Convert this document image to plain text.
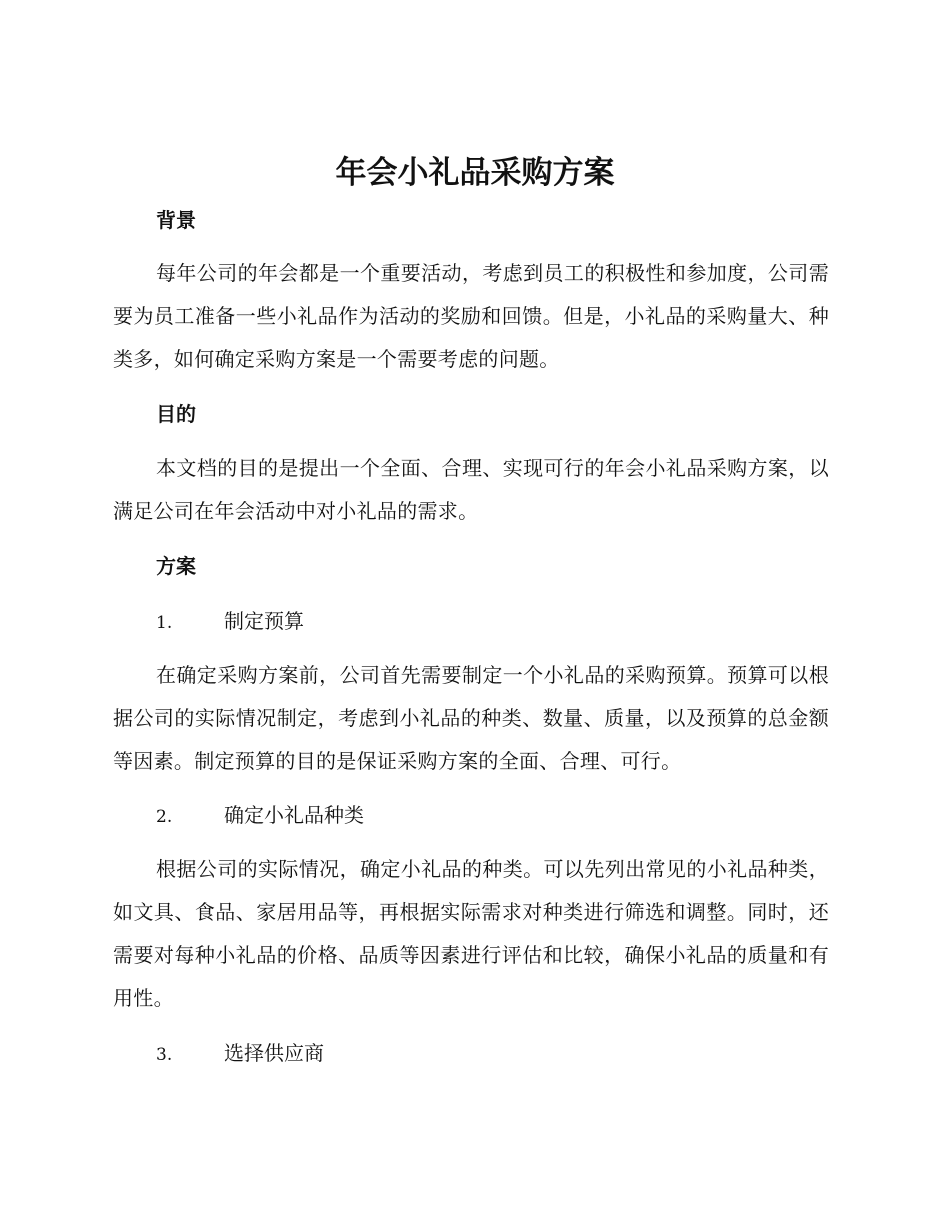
年会小礼品采购方案
背景

每年公司的年会都是一个重要活动，考虑到员工的积极性和参加度，公司需要为员工准备一些小礼品作为活动的奖励和回馈。但是，小礼品的采购量大、种类多，如何确定采购方案是一个需要考虑的问题。

目的

本文档的目的是提出一个全面、合理、实现可行的年会小礼品采购方案，以满足公司在年会活动中对小礼品的需求。

方案
1.	制定预算

在确定采购方案前，公司首先需要制定一个小礼品的采购预算。预算可以根据公司的实际情况制定，考虑到小礼品的种类、数量、质量，以及预算的总金额等因素。制定预算的目的是保证采购方案的全面、合理、可行。

2.	确定小礼品种类

根据公司的实际情况，确定小礼品的种类。可以先列出常见的小礼品种类，如文具、食品、家居用品等，再根据实际需求对种类进行筛选和调整。同时，还需要对每种小礼品的价格、品质等因素进行评估和比较，确保小礼品的质量和有用性。

3.	选择供应商
